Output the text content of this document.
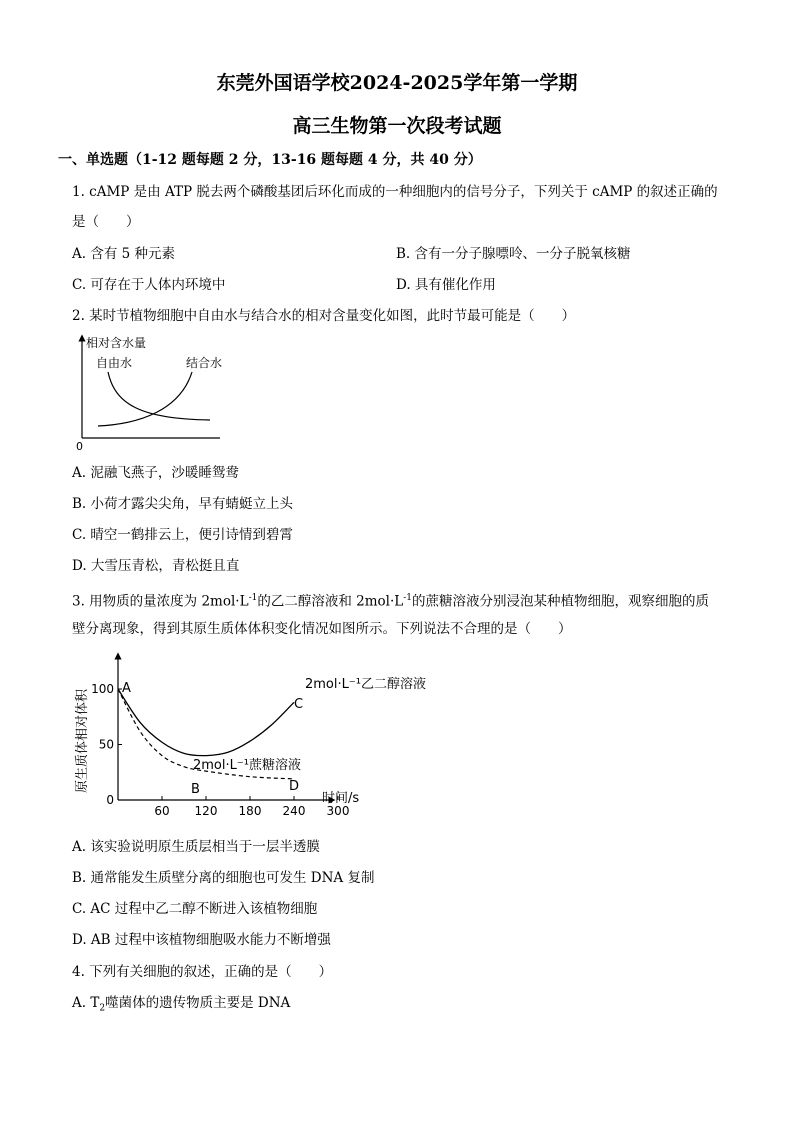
东莞外国语学校2024-2025学年第一学期
高三生物第一次段考试题
一、单选题（1-12 题每题 2 分，13-16 题每题 4 分，共 40 分）
1. cAMP 是由 ATP 脱去两个磷酸基团后环化而成的一种细胞内的信号分子，下列关于 cAMP 的叙述正确的
是（　　）
A. 含有 5 种元素	B. 含有一分子腺嘌呤、一分子脱氧核糖
C. 可存在于人体内环境中	D. 具有催化作用
2. 某时节植物细胞中自由水与结合水的相对含量变化如图，此时节最可能是（　　）
相对含水量
0
自由水	结合水
A. 泥融飞燕子，沙暖睡鸳鸯
B. 小荷才露尖尖角，早有蜻蜓立上头
C. 晴空一鹤排云上，便引诗情到碧霄
D. 大雪压青松，青松挺且直
3. 用物质的量浓度为 $2mol\cdot L^{-1}$的乙二醇溶液和 $2mol\cdot L^{-1}$的蔗糖溶液分别浸泡某种植物细胞，观察细胞的质
壁分离现象，得到其原生质体体积变化情况如图所示。下列说法不合理的是（　　）
原生质体相对体积
时间/s
60 120 180 240 300
0
50
100 A
B
C
D
2mol·L⁻¹乙二醇溶液
2mol·L⁻¹蔗糖溶液
A. 该实验说明原生质层相当于一层半透膜
B. 通常能发生质壁分离的细胞也可发生 DNA 复制
C. AC 过程中乙二醇不断进入该植物细胞
D. AB 过程中该植物细胞吸水能力不断增强
4. 下列有关细胞的叙述，正确的是（　　）
A. $T_2$噬菌体的遗传物质主要是 DNA
